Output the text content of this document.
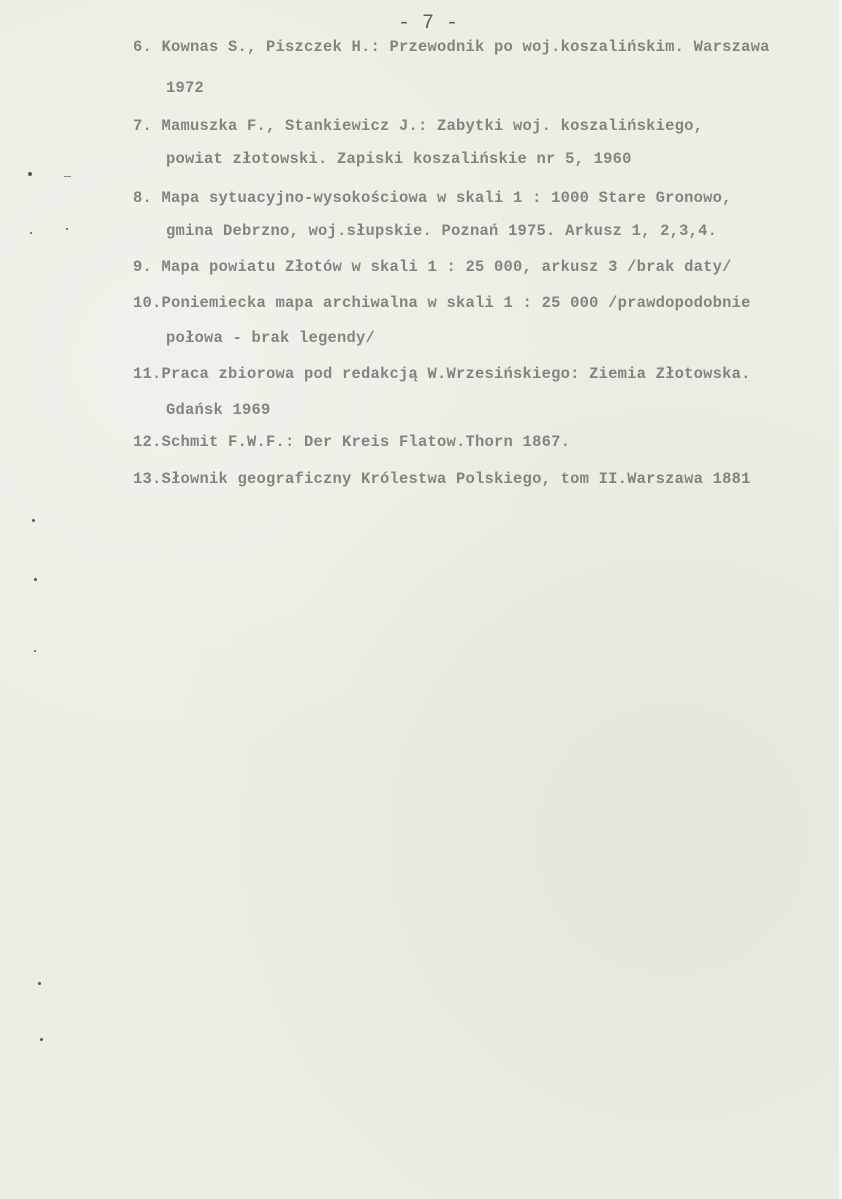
- 7 -
6. Kownas S., Piszczek H.: Przewodnik po woj.koszalińskim. Warszawa
1972
7. Mamuszka F., Stankiewicz J.: Zabytki woj. koszalińskiego,
powiat złotowski. Zapiski koszalińskie nr 5, 1960
8. Mapa sytuacyjno-wysokościowa w skali 1 : 1000 Stare Gronowo,
gmina Debrzno, woj.słupskie. Poznań 1975. Arkusz 1, 2,3,4.
9. Mapa powiatu Złotów w skali 1 : 25 000, arkusz 3 /brak daty/
10.Poniemiecka mapa archiwalna w skali 1 : 25 000 /prawdopodobnie
połowa - brak legendy/
11.Praca zbiorowa pod redakcją W.Wrzesińskiego: Ziemia Złotowska.
Gdańsk 1969
12.Schmit F.W.F.: Der Kreis Flatow.Thorn 1867.
13.Słownik geograficzny Królestwa Polskiego, tom II.Warszawa 1881
